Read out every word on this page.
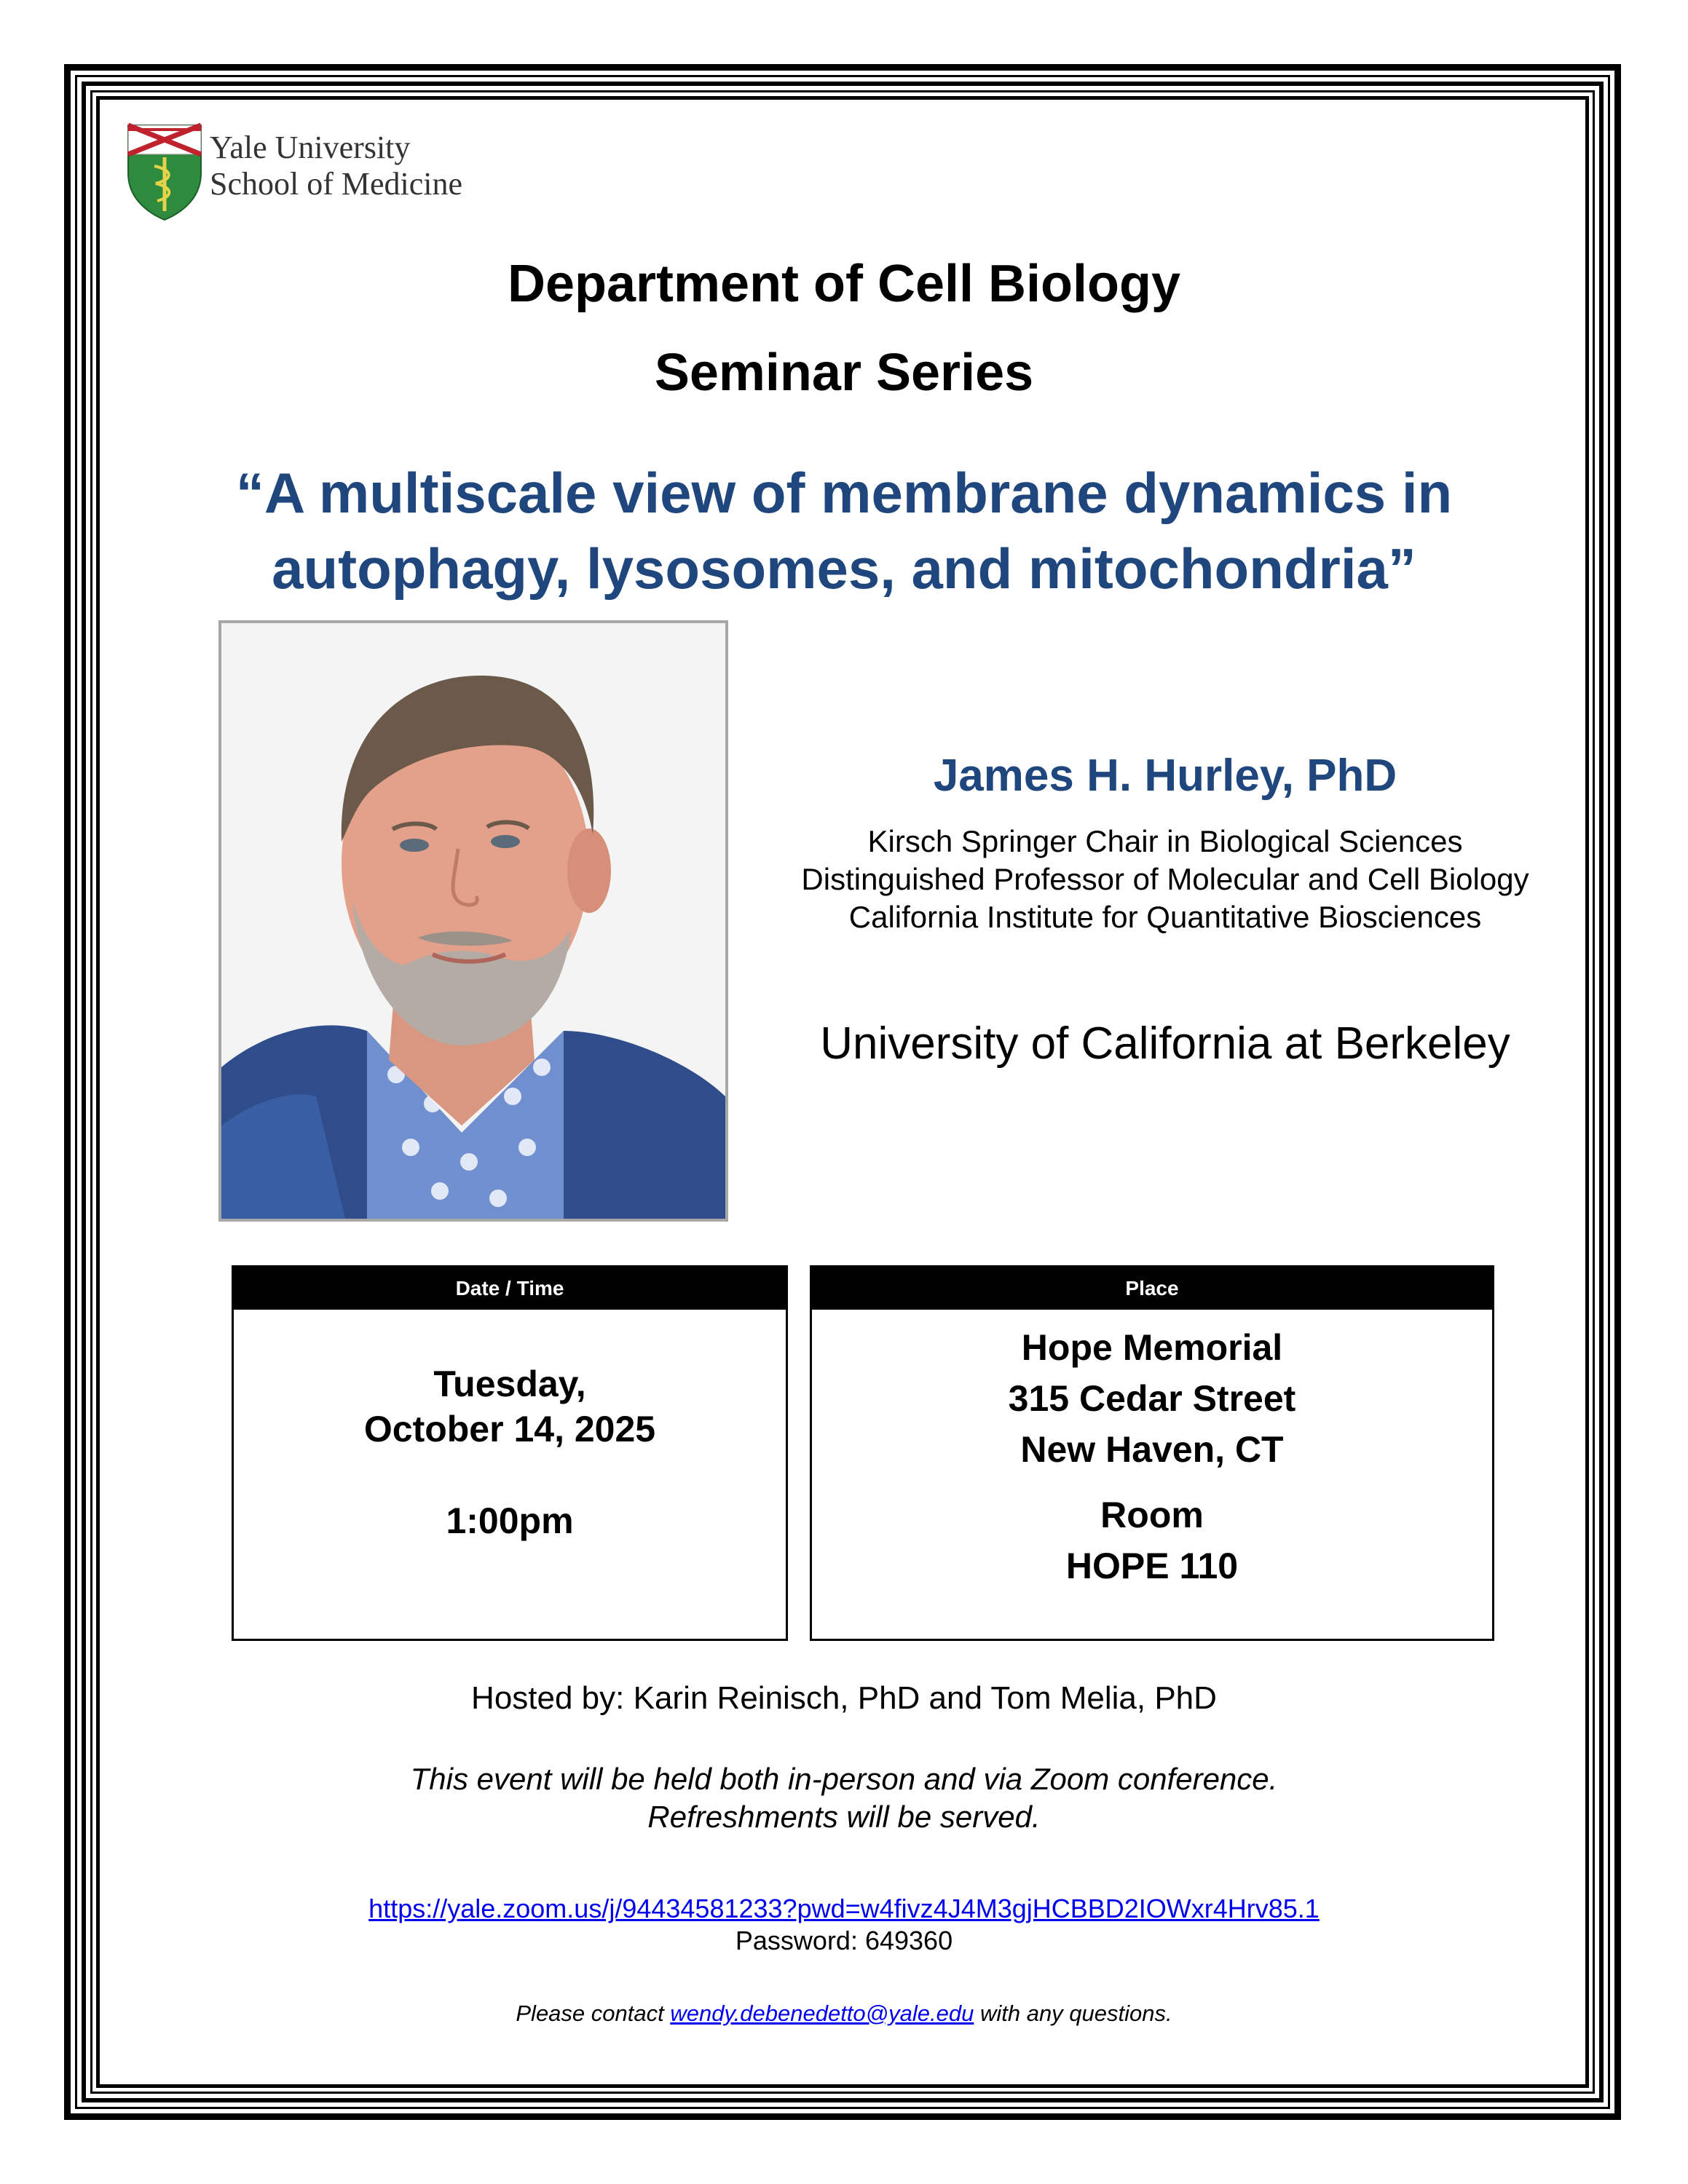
Yale University
School of Medicine
Department of Cell Biology
Seminar Series
“A multiscale view of membrane dynamics in
autophagy, lysosomes, and mitochondria”
James H. Hurley, PhD
Kirsch Springer Chair in Biological Sciences
Distinguished Professor of Molecular and Cell Biology
California Institute for Quantitative Biosciences
University of California at Berkeley
Date / Time
Tuesday,
October 14, 2025
1:00pm
Place
Hope Memorial
315 Cedar Street
New Haven, CT
Room
HOPE 110
Hosted by: Karin Reinisch, PhD and Tom Melia, PhD
This event will be held both in-person and via Zoom conference.
Refreshments will be served.
https://yale.zoom.us/j/94434581233?pwd=w4fivz4J4M3gjHCBBD2IOWxr4Hrv85.1
Password: 649360
Please contact wendy.debenedetto@yale.edu with any questions.
